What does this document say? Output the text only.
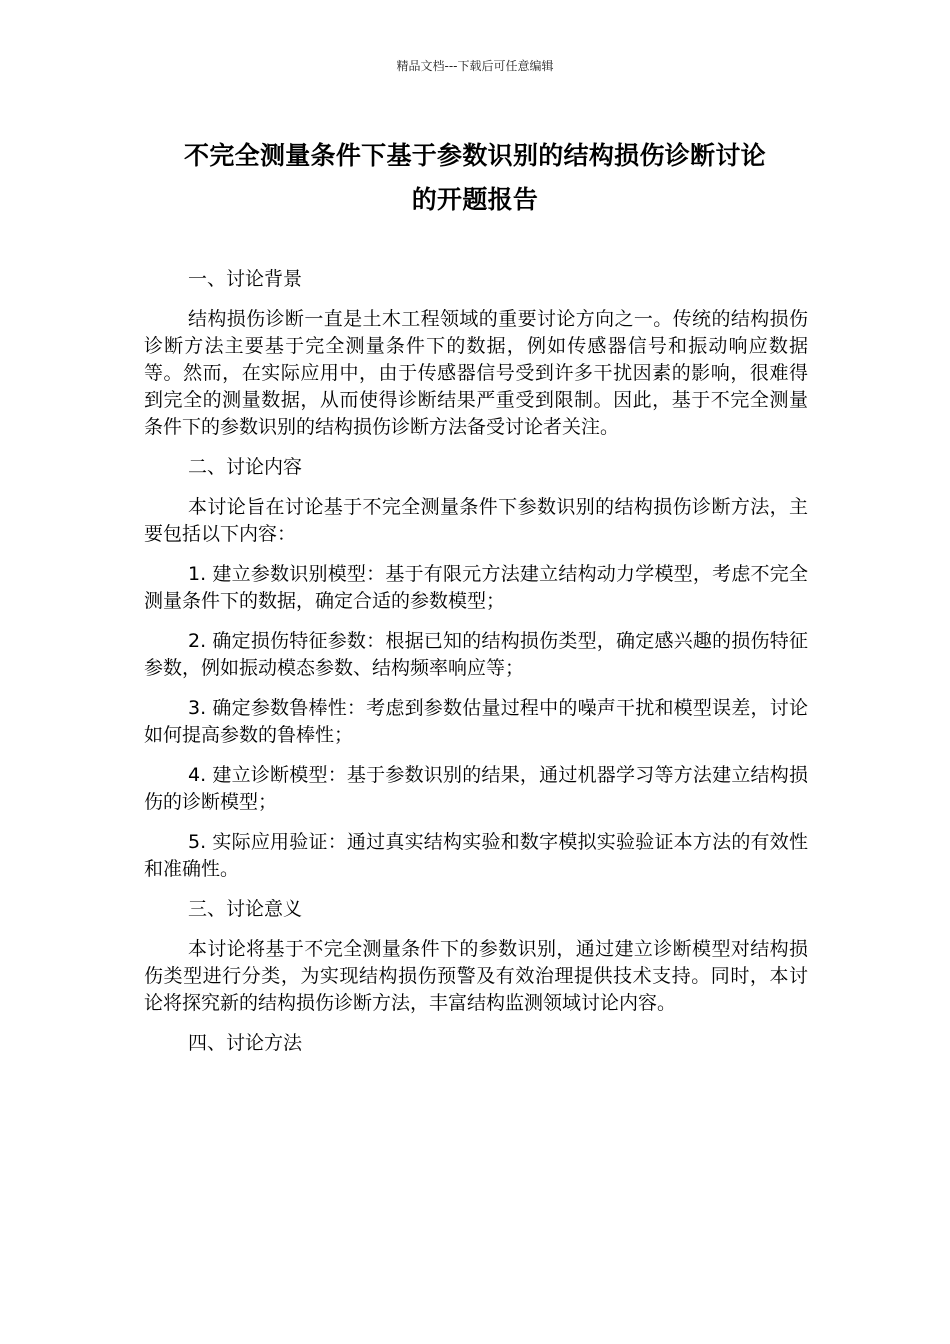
精品文档---下载后可任意编辑
不完全测量条件下基于参数识别的结构损伤诊断讨论
的开题报告
一、讨论背景
结构损伤诊断一直是土木工程领域的重要讨论方向之一。传统的结构损伤诊断方法主要基于完全测量条件下的数据，例如传感器信号和振动响应数据等。然而，在实际应用中，由于传感器信号受到许多干扰因素的影响，很难得到完全的测量数据，从而使得诊断结果严重受到限制。因此，基于不完全测量条件下的参数识别的结构损伤诊断方法备受讨论者关注。
二、讨论内容
本讨论旨在讨论基于不完全测量条件下参数识别的结构损伤诊断方法，主要包括以下内容：
1. 建立参数识别模型：基于有限元方法建立结构动力学模型，考虑不完全测量条件下的数据，确定合适的参数模型；
2. 确定损伤特征参数：根据已知的结构损伤类型，确定感兴趣的损伤特征参数，例如振动模态参数、结构频率响应等；
3. 确定参数鲁棒性：考虑到参数估量过程中的噪声干扰和模型误差，讨论如何提高参数的鲁棒性；
4. 建立诊断模型：基于参数识别的结果，通过机器学习等方法建立结构损伤的诊断模型；
5. 实际应用验证：通过真实结构实验和数字模拟实验验证本方法的有效性和准确性。
三、讨论意义
本讨论将基于不完全测量条件下的参数识别，通过建立诊断模型对结构损伤类型进行分类，为实现结构损伤预警及有效治理提供技术支持。同时，本讨论将探究新的结构损伤诊断方法，丰富结构监测领域讨论内容。
四、讨论方法
